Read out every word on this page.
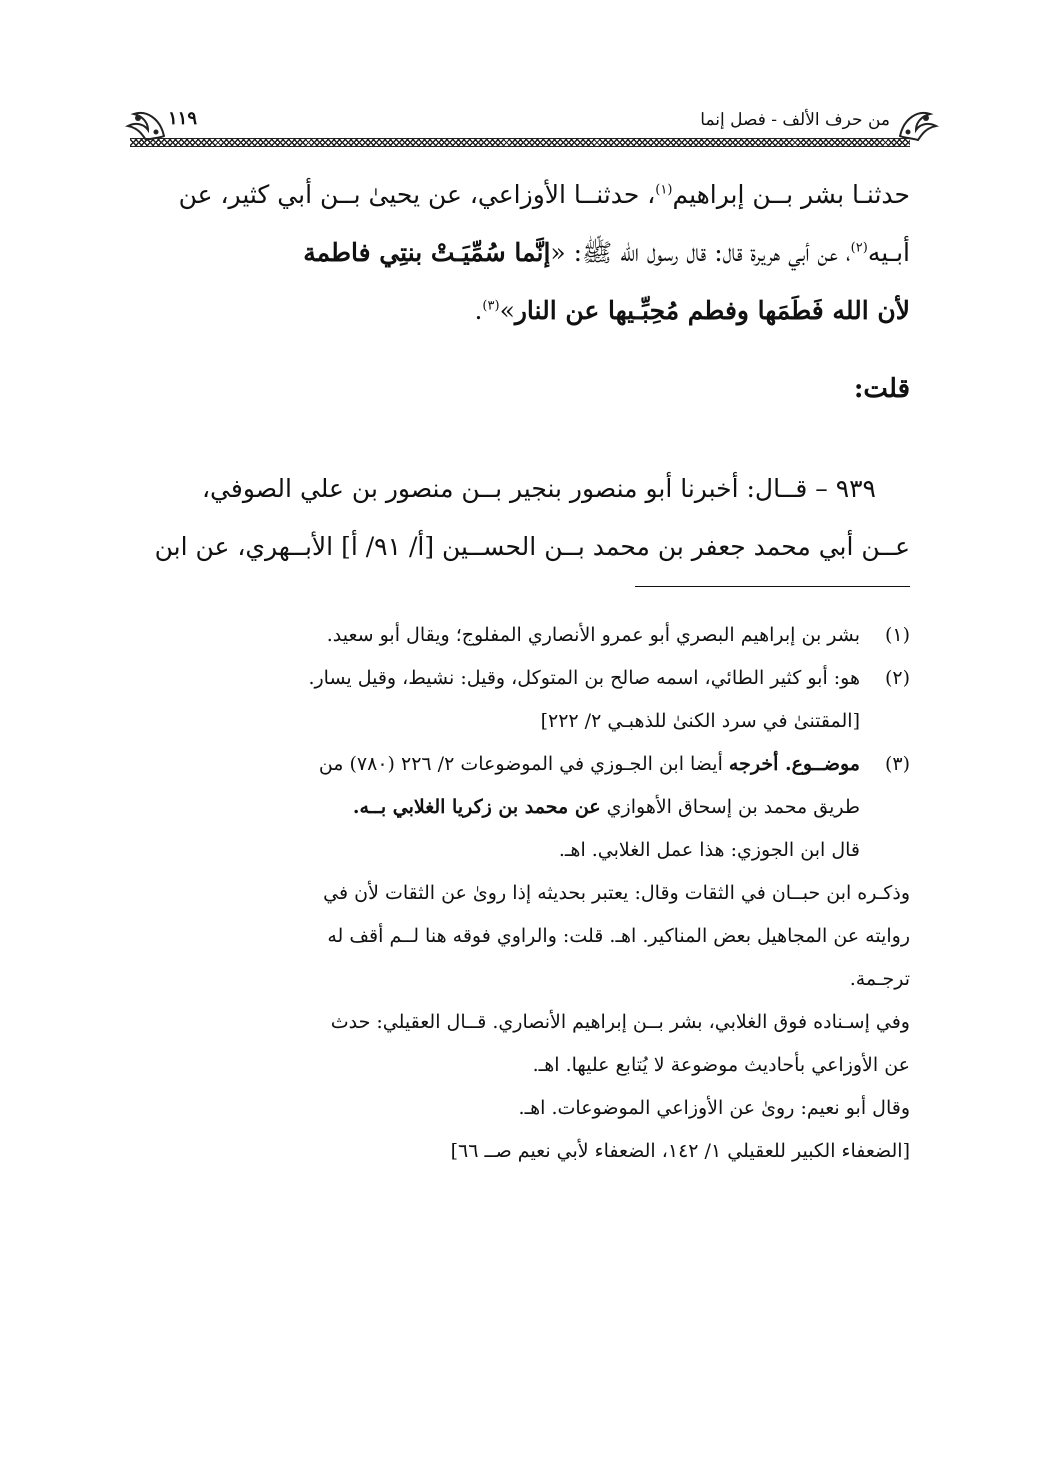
من حرف الألف - فصل إنما
١١٩

حدثنـا بشر بــن إبراهيم$^{(١)}$، حدثنــا الأوزاعي، عن يحيىٰ بــن أبي كثير، عن

أبـيه$^{(٢)}$، عن أبي هريرة قال: قال رسول الله ﷺ: «إنَّما سُمِّيَـتْ بنتِي فاطمة

لأن الله فَطَمَها وفطم مُحِبِّـيها عن النار»$^{(٣)}$.

قلت:

٩٣٩ – قــال: أخبرنا أبو منصور بنجير بــن منصور بن علي الصوفي،

عــن أبي محمد جعفر بن محمد بــن الحســين [أ/ ٩١/ أ] الأبــهري، عن ابن

(١)
بشر بن إبراهيم البصري أبو عمرو الأنصاري المفلوج؛ ويقال أبو سعيد.
(٢)
هو: أبو كثير الطائي، اسمه صالح بن المتوكل، وقيل: نشيط، وقيل يسار.
[المقتنىٰ في سرد الكنىٰ للذهبـي ٢/ ٢٢٢]
(٣)
موضــوع. أخرجه أيضا ابن الجـوزي في الموضوعات ٢/ ٢٢٦ (٧٨٠) من
طريق محمد بن إسحاق الأهوازي عن محمد بن زكريا الغلابي بــه.
قال ابن الجوزي: هذا عمل الغلابي. اهـ.
وذكـره ابن حبــان في الثقات وقال: يعتبر بحديثه إذا روىٰ عن الثقات لأن في
روايته عن المجاهيل بعض المناكير. اهـ. قلت: والراوي فوقه هنا لــم أقف له
ترجـمة.
وفي إسـناده فوق الغلابي، بشر بــن إبراهيم الأنصاري. قــال العقيلي: حدث
عن الأوزاعي بأحاديث موضوعة لا يُتابع عليها. اهـ.
وقال أبو نعيم: روىٰ عن الأوزاعي الموضوعات. اهـ.
[الضعفاء الكبير للعقيلي ١/ ١٤٢، الضعفاء لأبي نعيم صــ ٦٦]
